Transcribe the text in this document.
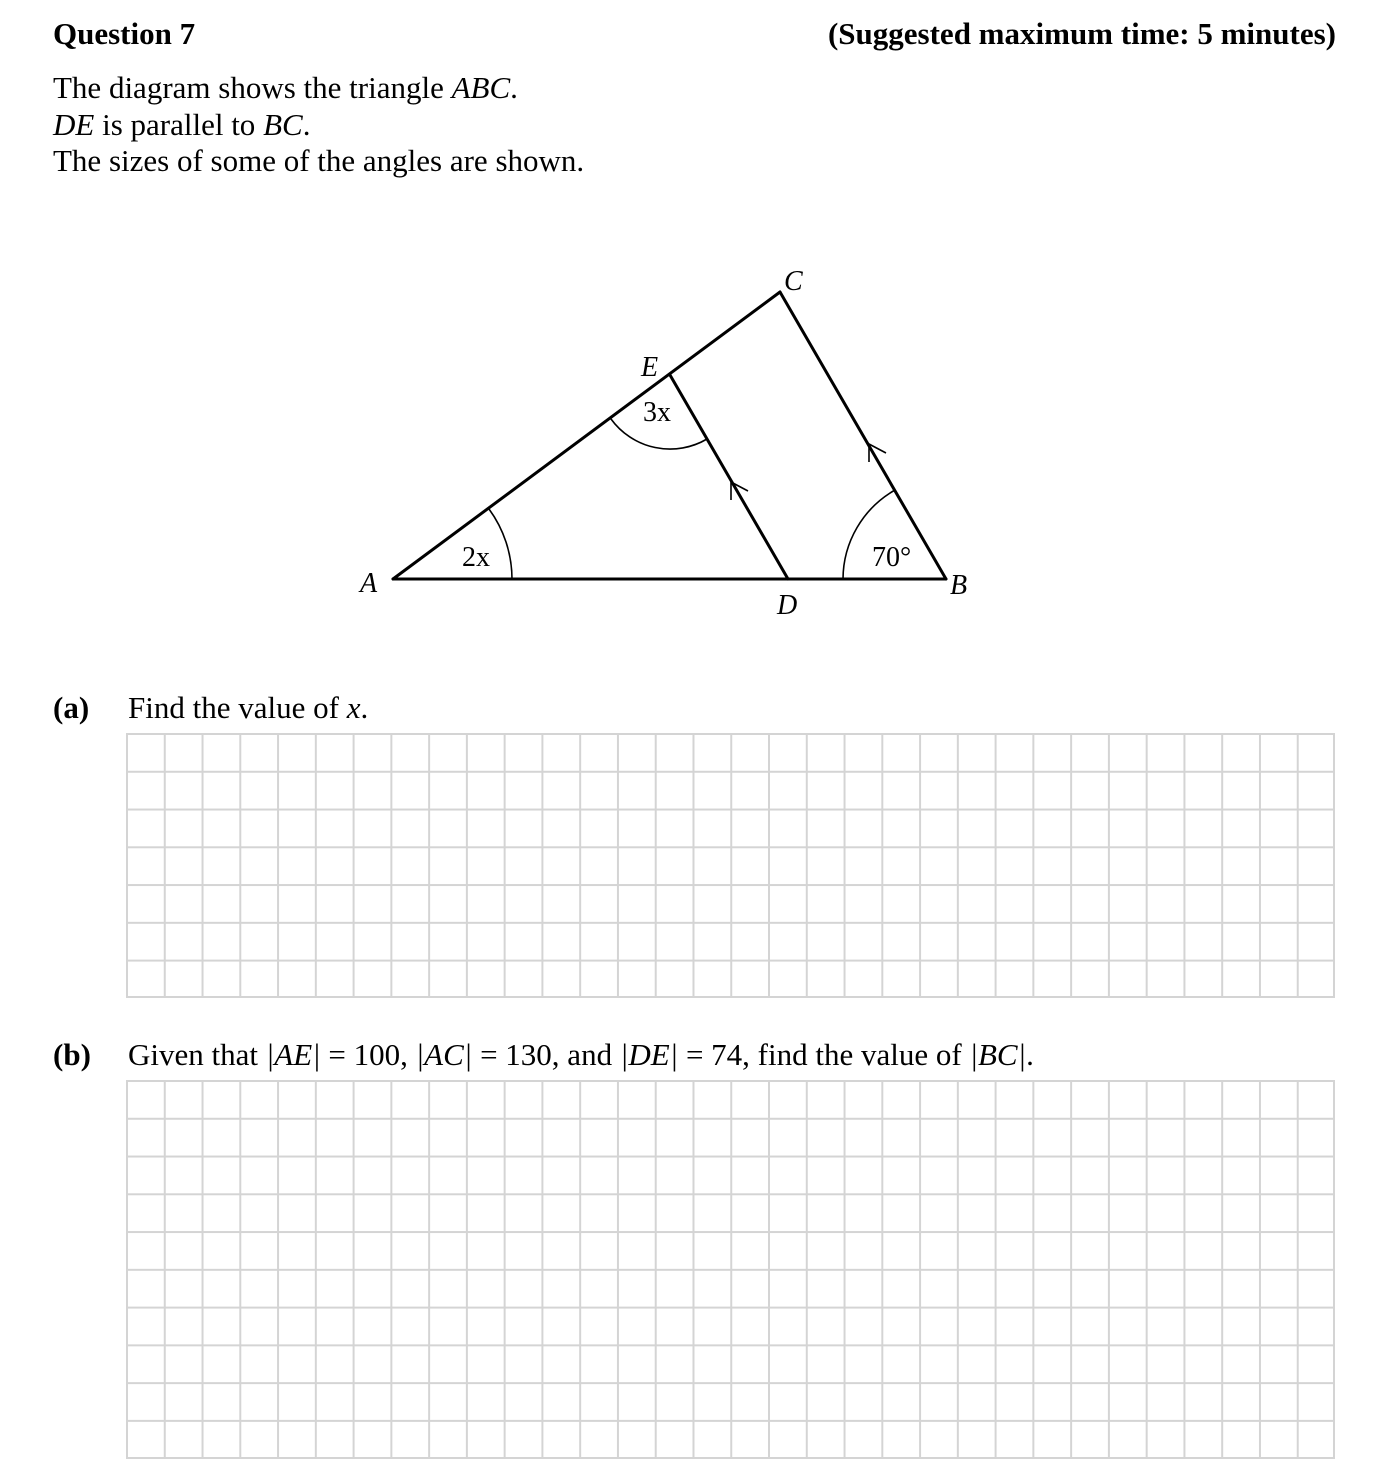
Question 7	(Suggested maximum time: 5 minutes)
The diagram shows the triangle ABC.
DE is parallel to BC.
The sizes of some of the angles are shown.
A	B
C
D
E
2x
3x
70°
(a) Find the value of x.
(b) Given that |AE| = 100, |AC| = 130, and |DE| = 74, find the value of |BC|.
